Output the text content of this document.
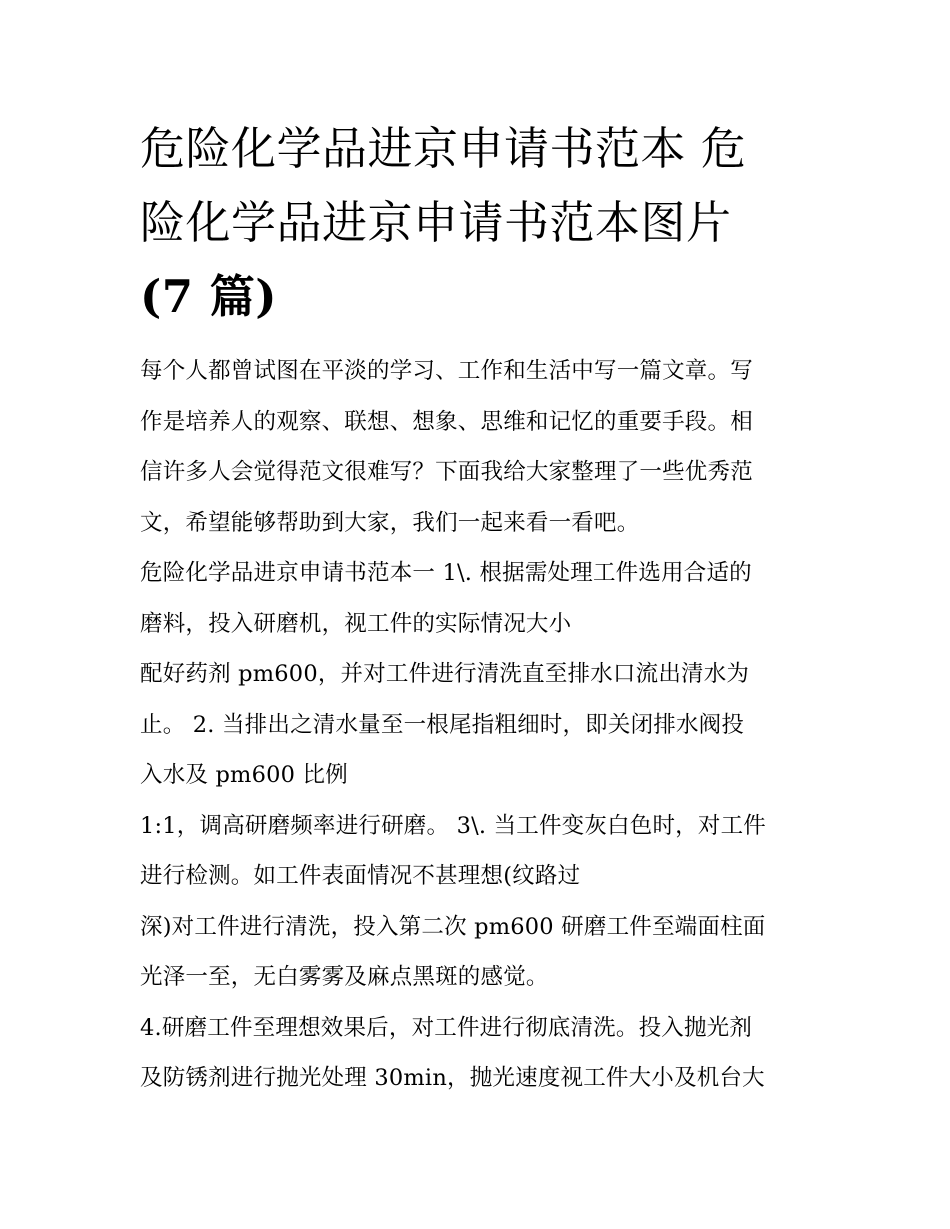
危险化学品进京申请书范本 危
险化学品进京申请书范本图片
(7 篇)

每个人都曾试图在平淡的学习、工作和生活中写一篇文章。写

作是培养人的观察、联想、想象、思维和记忆的重要手段。相

信许多人会觉得范文很难写？下面我给大家整理了一些优秀范

文，希望能够帮助到大家，我们一起来看一看吧。

危险化学品进京申请书范本一 1\. 根据需处理工件选用合适的

磨料，投入研磨机，视工件的实际情况大小

配好药剂 pm600，并对工件进行清洗直至排水口流出清水为

止。 2. 当排出之清水量至一根尾指粗细时，即关闭排水阀投

入水及 pm600 比例

1:1，调高研磨频率进行研磨。 3\. 当工件变灰白色时，对工件

进行检测。如工件表面情况不甚理想(纹路过

深)对工件进行清洗，投入第二次 pm600 研磨工件至端面柱面

光泽一至，无白雾雾及麻点黑斑的感觉。

4.研磨工件至理想效果后，对工件进行彻底清洗。投入抛光剂

及防锈剂进行抛光处理 30min，抛光速度视工件大小及机台大
